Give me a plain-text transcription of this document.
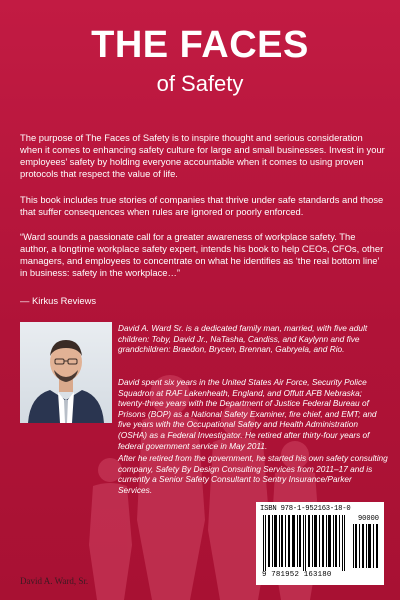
THE FACES
of Safety
The purpose of The Faces of Safety is to inspire thought and serious consideration when it comes to enhancing safety culture for large and small businesses. Invest in your employees’ safety by holding everyone accountable when it comes to using proven protocols that respect the value of life.
This book includes true stories of companies that thrive under safe standards and those that suffer consequences when rules are ignored or poorly enforced.
“Ward sounds a passionate call for a greater awareness of workplace safety. The author, a longtime workplace safety expert, intends his book to help CEOs, CFOs, other managers, and employees to concentrate on what he identifies as ‘the real bottom line’ in business: safety in the workplace…”
— Kirkus Reviews
David A. Ward Sr. is a dedicated family man, married, with five adult children: Toby, David Jr., NaTasha, Candiss, and Kaylynn and five grandchildren: Braedon, Brycen, Brennan, Gabryela, and Rio.
David spent six years in the United States Air Force, Security Police Squadron at RAF Lakenheath, England, and Offutt AFB Nebraska; twenty-three years with the Department of Justice Federal Bureau of Prisons (BOP) as a National Safety Examiner, fire chief, and EMT; and five years with the Occupational Safety and Health Administration (OSHA) as a Federal Investigator. He retired after thirty-four years of federal government service in May 2011.
After he retired from the government, he started his own safety consulting company, Safety By Design Consulting Services from 2011–17 and is currently a Senior Safety Consultant to Sentry Insurance/Parker Services.
David A. Ward, Sr.
ISBN 978-1-952163-18-0
90000
9 781952 163180
